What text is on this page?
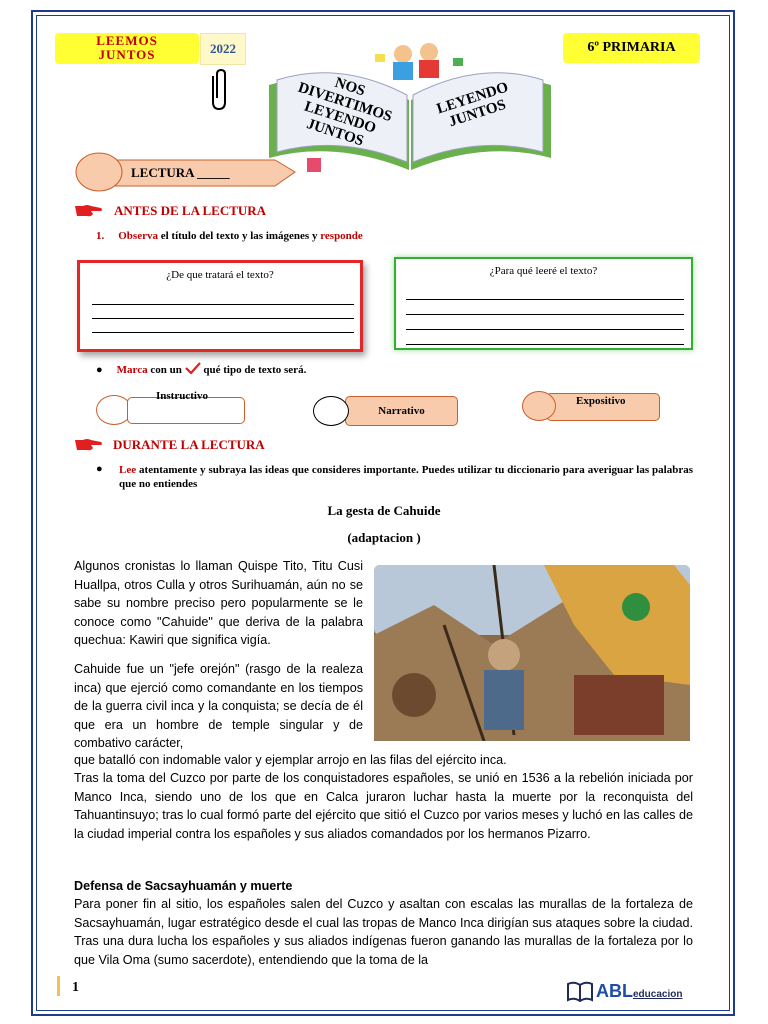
LEEMOS
JUNTOS	2022	6º PRIMARIA
NOS DIVERTIMOS LEYENDO JUNTOS
LEYENDO JUNTOS
LECTURA _____
ANTES DE LA LECTURA
1. Observa el título del texto y las imágenes y responde
¿De que tratará el texto?	¿Para qué leeré el texto?
● Marca con un  qué tipo de texto será.
Instructivo
Narrativo
Expositivo
DURANTE LA LECTURA
● Lee atentamente y subraya las ideas que consideres importante. Puedes utilizar tu diccionario para averiguar las palabras que no entiendes
La gesta de Cahuide
(adaptacion )
Algunos cronistas lo llaman Quispe Tito, Titu Cusi Huallpa, otros Culla y otros Surihuamán, aún no se sabe su nombre preciso pero popularmente se le conoce como "Cahuide" que deriva de la palabra quechua: Kawiri que significa vigía.
Cahuide fue un "jefe orejón" (rasgo de la realeza inca) que ejerció como comandante en los tiempos de la guerra civil inca y la conquista; se decía de él que era un hombre de temple singular y de combativo carácter,
que batalló con indomable valor y ejemplar arrojo en las filas del ejército inca.
Tras la toma del Cuzco por parte de los conquistadores españoles, se unió en 1536 a la rebelión iniciada por Manco Inca, siendo uno de los que en Calca juraron luchar hasta la muerte por la reconquista del Tahuantinsuyo; tras lo cual formó parte del ejército que sitió el Cuzco por varios meses y luchó en las calles de la ciudad imperial contra los españoles y sus aliados comandados por los hermanos Pizarro.
Defensa de Sacsayhuamán y muerte
Para poner fin al sitio, los españoles salen del Cuzco y asaltan con escalas las murallas de la fortaleza de Sacsayhuamán, lugar estratégico desde el cual las tropas de Manco Inca dirigían sus ataques sobre la ciudad. Tras una dura lucha los españoles y sus aliados indígenas fueron ganando las murallas de la fortaleza por lo que Vila Oma (sumo sacerdote), entendiendo que la toma de la
1	ABL educacion
